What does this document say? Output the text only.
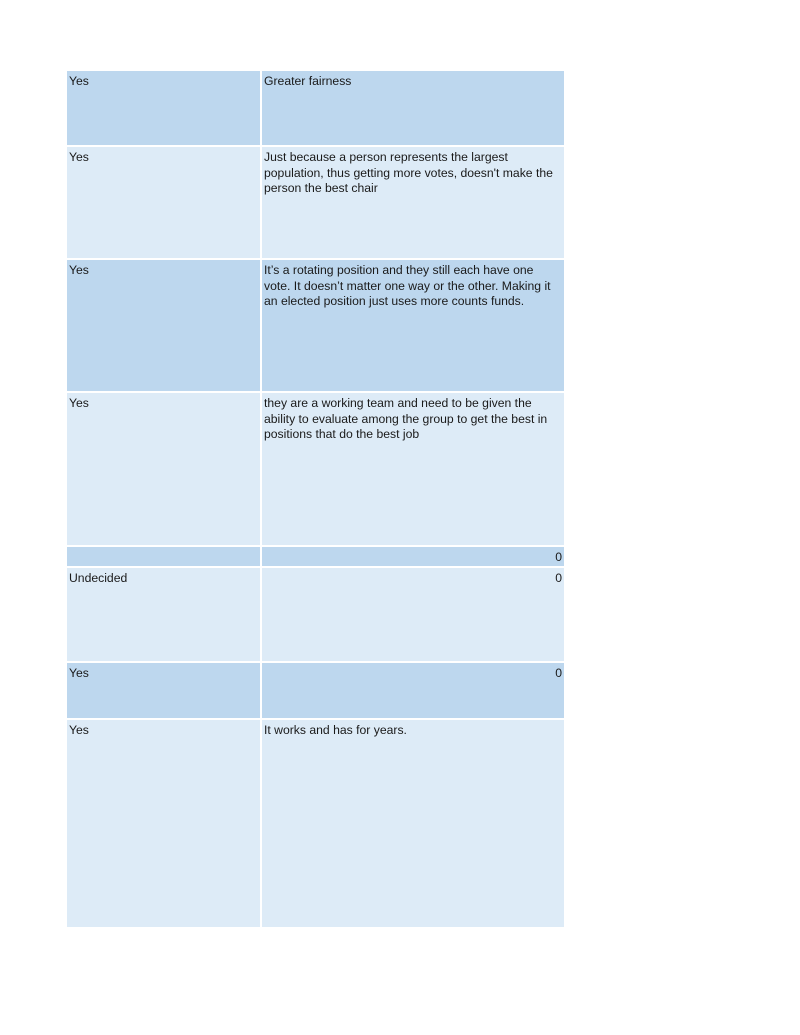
Yes	Greater fairness
Yes	Just because a person represents the largest population, thus getting more votes, doesn't make the person the best chair
Yes	It’s a rotating position and they still each have one vote. It doesn’t matter one way or the other. Making it an elected position just uses more counts funds.
Yes	they are a working team and need to be given the ability to evaluate among the group to get the best in positions that do the best job
	0
Undecided	0
Yes	0
Yes	It works and has for years.
